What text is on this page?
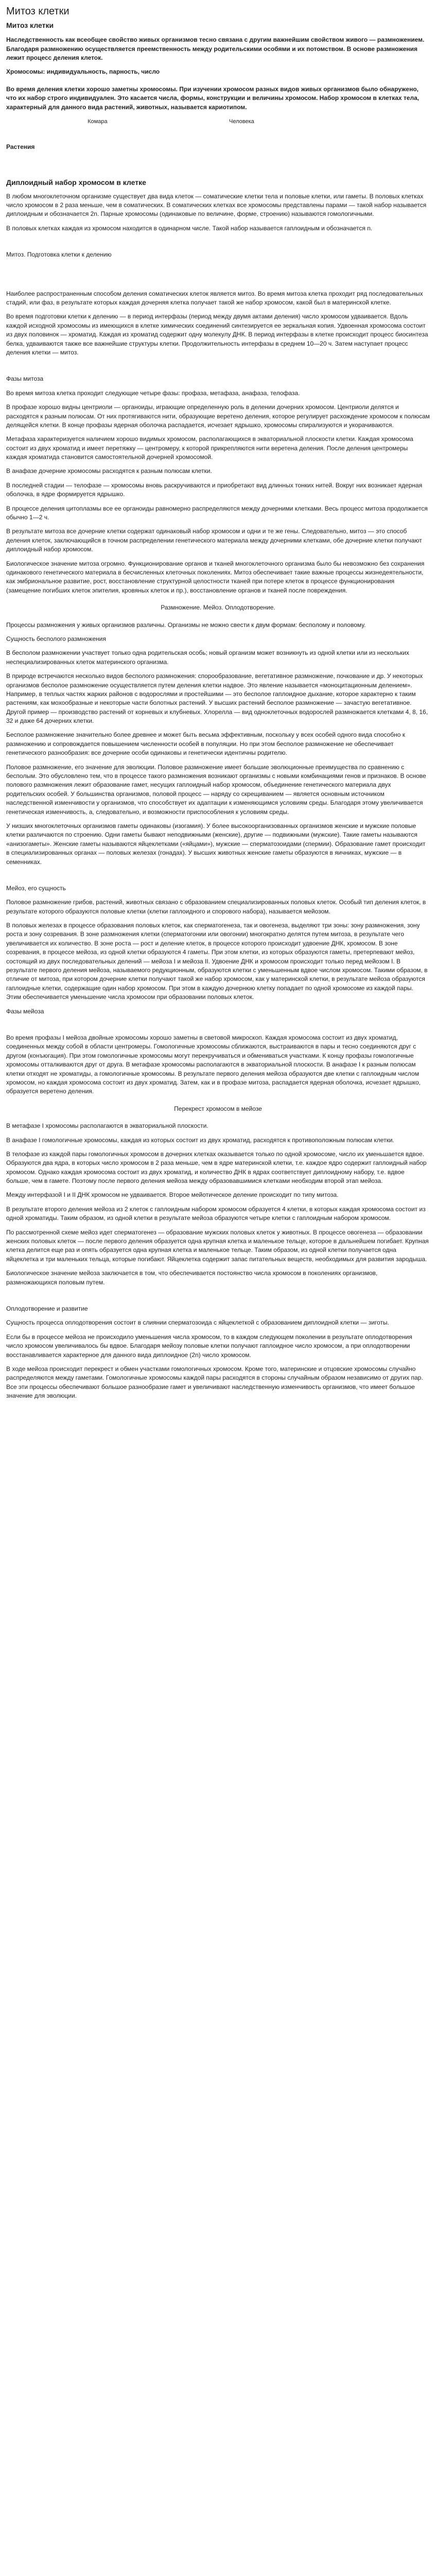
Митоз клетки
Митоз клетки

Наследственность как всеобщее свойство живых организмов тесно связана с другим важнейшим свойством живого — размножением. Благодаря размножению осуществляется преемственность между родительскими особями и их потомством. В основе размножения лежит процесс деления клеток.

Хромосомы: индивидуальность, парность, число

Во время деления клетки хорошо заметны хромосомы. При изучении хромосом разных видов живых организмов было обнаружено, что их набор строго индивидуален. Это касается числа, формы, конструкции и величины хромосом. Набор хромосом в клетках тела, характерный для данного вида растений, животных, называется кариотипом.

Комара	Человека
Растения
Диплоидный набор хромосом в клетке

В любом многоклеточном организме существует два вида клеток — соматические клетки тела и половые клетки, или гаметы. В половых клетках число хромосом в 2 раза меньше, чем в соматических. В соматических клетках все хромосомы представлены парами — такой набор называется диплоидным и обозначается 2n. Парные хромосомы (одинаковые по величине, форме, строению) называются гомологичными.

В половых клетках каждая из хромосом находится в одинарном числе. Такой набор называется гаплоидным и обозначается n.

Митоз. Подготовка клетки к делению

Наиболее распространенным способом деления соматических клеток является митоз. Во время митоза клетка проходит ряд последовательных стадий, или фаз, в результате которых каждая дочерняя клетка получает такой же набор хромосом, какой был в материнской клетке.

Во время подготовки клетки к делению — в период интерфазы (период между двумя актами деления) число хромосом удваивается. Вдоль каждой исходной хромосомы из имеющихся в клетке химических соединений синтезируется ее зеркальная копия. Удвоенная хромосома состоит из двух половинок — хроматид. Каждая из хроматид содержит одну молекулу ДНК. В период интерфазы в клетке происходит процесс биосинтеза белка, удваиваются также все важнейшие структуры клетки. Продолжительность интерфазы в среднем 10—20 ч. Затем наступает процесс деления клетки — митоз.

Фазы митоза

Во время митоза клетка проходит следующие четыре фазы: профаза, метафаза, анафаза, телофаза.

В профазе хорошо видны центриоли — органоиды, играющие определенную роль в делении дочерних хромосом. Центриоли делятся и расходятся к разным полюсам. От них протягиваются нити, образующие веретено деления, которое регулирует расхождение хромосом к полюсам делящейся клетки. В конце профазы ядерная оболочка распадается, исчезает ядрышко, хромосомы спирализуются и укорачиваются.

Метафаза характеризуется наличием хорошо видимых хромосом, располагающихся в экваториальной плоскости клетки. Каждая хромосома состоит из двух хроматид и имеет перетяжку — центромеру, к которой прикрепляются нити веретена деления. После деления центромеры каждая хроматида становится самостоятельной дочерней хромосомой.

В анафазе дочерние хромосомы расходятся к разным полюсам клетки.

В последней стадии — телофазе — хромосомы вновь раскручиваются и приобретают вид длинных тонких нитей. Вокруг них возникает ядерная оболочка, в ядре формируется ядрышко.

В процессе деления цитоплазмы все ее органоиды равномерно распределяются между дочерними клетками. Весь процесс митоза продолжается обычно 1—2 ч.

В результате митоза все дочерние клетки содержат одинаковый набор хромосом и одни и те же гены. Следовательно, митоз — это способ деления клеток, заключающийся в точном распределении генетического материала между дочерними клетками, обе дочерние клетки получают диплоидный набор хромосом.

Биологическое значение митоза огромно. Функционирование органов и тканей многоклеточного организма было бы невозможно без сохранения одинакового генетического материала в бесчисленных клеточных поколениях. Митоз обеспечивает такие важные процессы жизнедеятельности, как эмбриональное развитие, рост, восстановление структурной целостности тканей при потере клеток в процессе функционирования (замещение погибших клеток эпителия, кровяных клеток и пр.), восстановление органов и тканей после повреждения.

Размножение. Мейоз. Оплодотворение.

Процессы размножения у живых организмов различны. Организмы не можно свести к двум формам: бесполому и половому.

Сущность бесполого размножения

В бесполом размножении участвует только одна родительская особь; новый организм может возникнуть из одной клетки или из нескольких неспециализированных клеток материнского организма.

В природе встречаются несколько видов бесполого размножения: спорообразование, вегетативное размножение, почкование и др. У некоторых организмов бесполое размножение осуществляется путем деления клетки надвое. Это явление называется «моноцитационным делением». Например, в теплых частях жарких районов с водорослями и простейшими — это бесполое гаплоидное дыхание, которое характерно к таким растениям, как мохообразные и некоторые части болотных растений. У высших растений бесполое размножение — зачастую вегетативное. Другой пример — производство растений от корневых и клубневых. Хлорелла — вид одноклеточных водорослей размножается клетками 4, 8, 16, 32 и даже 64 дочерних клетки.

Бесполое размножение значительно более древнее и может быть весьма эффективным, поскольку у всех особей одного вида способно к размножению и сопровождается повышением численности особей в популяции. Но при этом бесполое размножение не обеспечивает генетического разнообразия: все дочерние особи одинаковы и генетически идентичны родителю.

Половое размножение, его значение для эволюции. Половое размножение имеет большие эволюционные преимущества по сравнению с бесполым. Это обусловлено тем, что в процессе такого размножения возникают организмы с новыми комбинациями генов и признаков. В основе полового размножения лежит образование гамет, несущих гаплоидный набор хромосом, объединение генетического материала двух родительских особей. У большинства организмов, половой процесс — наряду со скрещиванием — является основным источником наследственной изменчивости у организмов, что способствует их адаптации к изменяющимся условиям среды. Благодаря этому увеличивается генетическая изменчивость, а, следовательно, и возможности приспособления к условиям среды.

У низших многоклеточных организмов гаметы одинаковы (изогамия). У более высокоорганизованных организмов женские и мужские половые клетки различаются по строению. Одни гаметы бывают неподвижными (женские), другие — подвижными (мужские). Такие гаметы называются «анизогаметы». Женские гаметы называются яйцеклетками («яйцами»), мужские — сперматозоидами (спермии). Образование гамет происходит в специализированных органах — половых железах (гонадах). У высших животных женские гаметы образуются в яичниках, мужские — в семенниках.

Мейоз, его сущность

Половое размножение грибов, растений, животных связано с образованием специализированных половых клеток. Особый тип деления клеток, в результате которого образуются половые клетки (клетки гаплоидного и спорового набора), называется мейозом.

В половых железах в процессе образования половых клеток, как сперматогенеза, так и овогенеза, выделяют три зоны: зону размножения, зону роста и зону созревания. В зоне размножения клетки (сперматогонии или овогонии) многократно делятся путем митоза, в результате чего увеличивается их количество. В зоне роста — рост и деление клеток, в процессе которого происходит удвоение ДНК, хромосом. В зоне созревания, в процессе мейоза, из одной клетки образуются 4 гаметы. При этом клетки, из которых образуются гаметы, претерпевают мейоз, состоящий из двух последовательных делений — мейоза I и мейоза II. Удвоение ДНК и хромосом происходит только перед мейозом I. В результате первого деления мейоза, называемого редукционным, образуются клетки с уменьшенным вдвое числом хромосом. Такими образом, в отличие от митоза, при котором дочерние клетки получают такой же набор хромосом, как у материнской клетки, в результате мейоза образуются гаплоидные клетки, содержащие один набор хромосом. При этом в каждую дочернюю клетку попадает по одной хромосоме из каждой пары. Этим обеспечивается уменьшение числа хромосом при образовании половых клеток.

Фазы мейоза

Во время профазы I мейоза двойные хромосомы хорошо заметны в световой микроскоп. Каждая хромосома состоит из двух хроматид, соединенных между собой в области центромеры. Гомологичные хромосомы сближаются, выстраиваются в пары и тесно соединяются друг с другом (конъюгация). При этом гомологичные хромосомы могут перекручиваться и обмениваться участками. К концу профазы гомологичные хромосомы отталкиваются друг от друга. В метафазе хромосомы располагаются в экваториальной плоскости. В анафазе I к разным полюсам клетки отходят не хроматиды, а гомологичные хромосомы. В результате первого деления мейоза образуются две клетки с гаплоидным числом хромосом, но каждая хромосома состоит из двух хроматид. Затем, как и в профазе митоза, распадается ядерная оболочка, исчезает ядрышко, образуется веретено деления.

Перекрест хромосом в мейозе

В метафазе I хромосомы располагаются в экваториальной плоскости.

В анафазе I гомологичные хромосомы, каждая из которых состоит из двух хроматид, расходятся к противоположным полюсам клетки.

В телофазе из каждой пары гомологичных хромосом в дочерних клетках оказывается только по одной хромосоме, число их уменьшается вдвое. Образуются два ядра, в которых число хромосом в 2 раза меньше, чем в ядре материнской клетки, т.е. каждое ядро содержит гаплоидный набор хромосом. Однако каждая хромосома состоит из двух хроматид, и количество ДНК в ядрах соответствует диплоидному набору, т.е. вдвое больше, чем в гамете. Поэтому после первого деления мейоза между образовавшимися клетками необходим второй этап мейоза.

Между интерфазой I и II ДНК хромосом не удваивается. Второе мейотическое деление происходит по типу митоза.

В результате второго деления мейоза из 2 клеток с гаплоидным набором хромосом образуется 4 клетки, в которых каждая хромосома состоит из одной хроматиды. Таким образом, из одной клетки в результате мейоза образуются четыре клетки с гаплоидным набором хромосом.

По рассмотренной схеме мейоз идет сперматогенез — образование мужских половых клеток у животных. В процессе овогенеза — образовании женских половых клеток — после первого деления образуется одна крупная клетка и маленькое тельце, которое в дальнейшем погибает. Крупная клетка делится еще раз и опять образуется одна крупная клетка и маленькое тельце. Таким образом, из одной клетки получается одна яйцеклетка и три маленьких тельца, которые погибают. Яйцеклетка содержит запас питательных веществ, необходимых для развития зародыша.

Биологическое значение мейоза заключается в том, что обеспечивается постоянство числа хромосом в поколениях организмов, размножающихся половым путем.

Оплодотворение и развитие

Сущность процесса оплодотворения состоит в слиянии сперматозоида с яйцеклеткой с образованием диплоидной клетки — зиготы.

Если бы в процессе мейоза не происходило уменьшения числа хромосом, то в каждом следующем поколении в результате оплодотворения число хромосом увеличивалось бы вдвое. Благодаря мейозу половые клетки получают гаплоидное число хромосом, а при оплодотворении восстанавливается характерное для данного вида диплоидное (2n) число хромосом.

В ходе мейоза происходит перекрест и обмен участками гомологичных хромосом. Кроме того, материнские и отцовские хромосомы случайно распределяются между гаметами. Гомологичные хромосомы каждой пары расходятся в стороны случайным образом независимо от других пар. Все эти процессы обеспечивают большое разнообразие гамет и увеличивают наследственную изменчивость организмов, что имеет большое значение для эволюции.
